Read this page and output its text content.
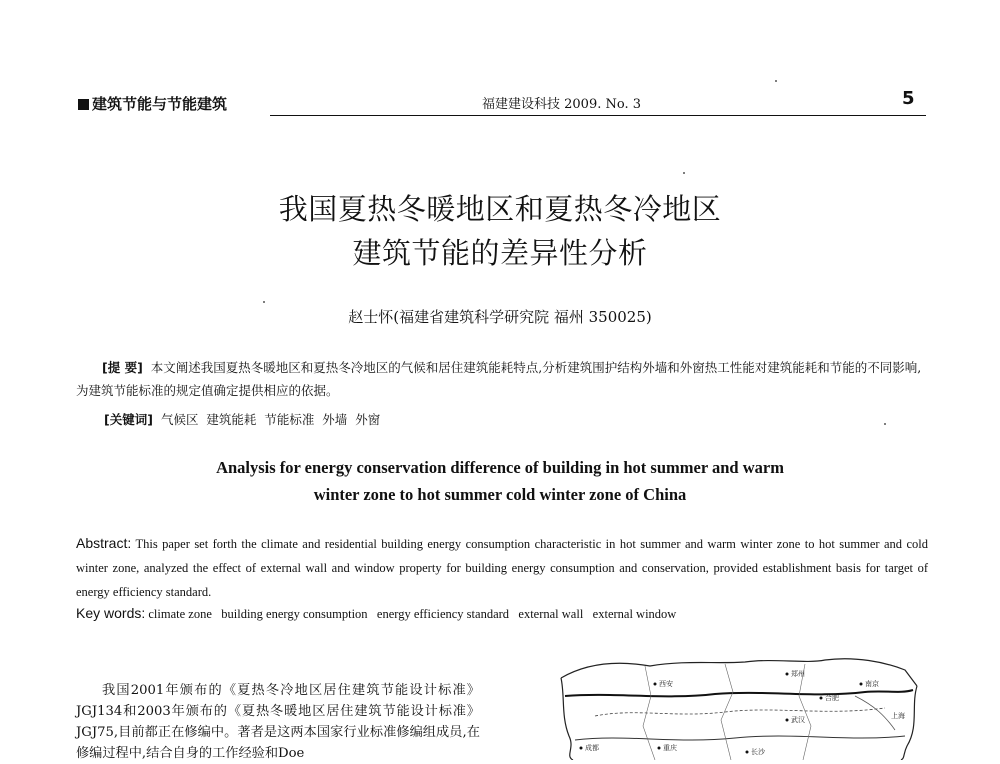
建筑节能与节能建筑	福建建设科技 2009. No. 3	5
我国夏热冬暖地区和夏热冬冷地区
建筑节能的差异性分析
赵士怀(福建省建筑科学研究院 福州 350025)
[提 要] 本文阐述我国夏热冬暖地区和夏热冬冷地区的气候和居住建筑能耗特点,分析建筑围护结构外墙和外窗热工性能对建筑能耗和节能的不同影响,为建筑节能标准的规定值确定提供相应的依据。
[关键词] 气候区  建筑能耗  节能标准  外墙  外窗
Analysis for energy conservation difference of building in hot summer and warm
winter zone to hot summer cold winter zone of China
Abstract: This paper set forth the climate and residential building energy consumption characteristic in hot summer and warm winter zone to hot summer and cold winter zone, analyzed the effect of external wall and window property for building energy consumption and conservation, provided establishment basis for target of energy efficiency standard.
Key words: climate zone   building energy consumption   energy efficiency standard   external wall   external window
我国2001年颁布的《夏热冬冷地区居住建筑节能设计标准》JGJ134和2003年颁布的《夏热冬暖地区居住建筑节能设计标准》JGJ75,目前都正在修编中。著者是这两本国家行业标准修编组成员,在修编过程中,结合自身的工作经验和Doe
西安
郑州
合肥
南京
上海
武汉
成都	重庆	长沙
